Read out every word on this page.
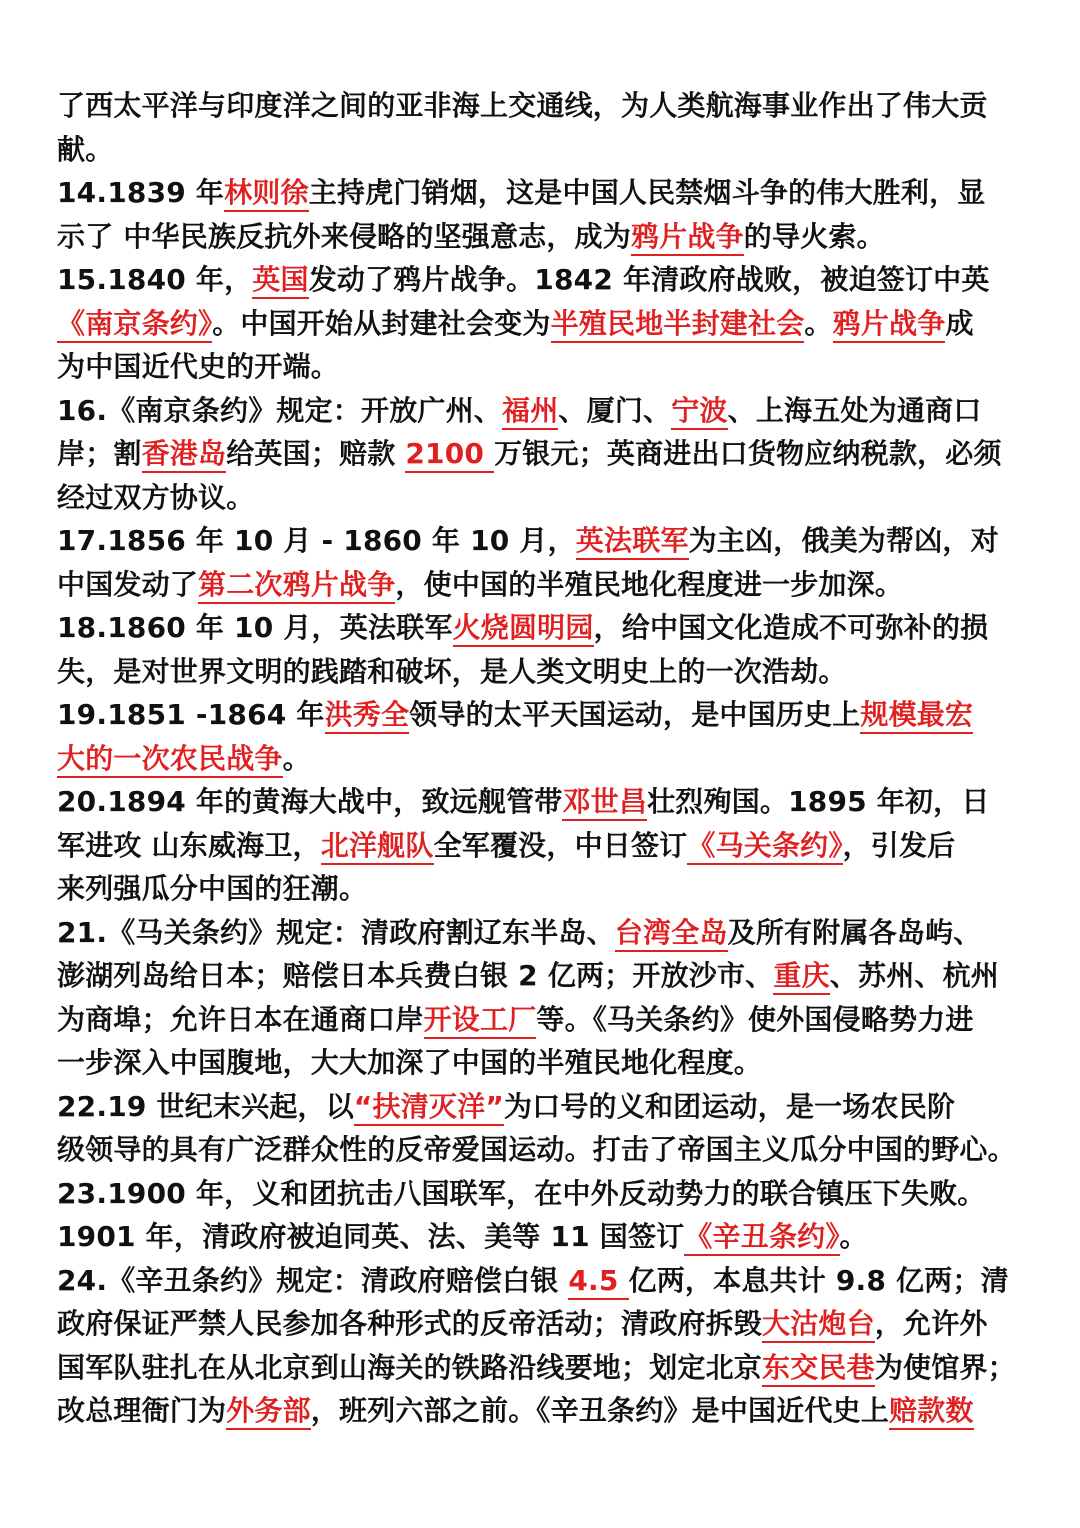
了西太平洋与印度洋之间的亚非海上交通线，为人类航海事业作出了伟大贡
献。
14.1839 年林则徐主持虎门销烟，这是中国人民禁烟斗争的伟大胜利，显
示了 中华民族反抗外来侵略的坚强意志，成为鸦片战争的导火索。
15.1840 年，英国发动了鸦片战争。1842 年清政府战败，被迫签订中英
《南京条约》。中国开始从封建社会变为半殖民地半封建社会。鸦片战争成
为中国近代史的开端。
16.《南京条约》规定：开放广州、福州、厦门、宁波、上海五处为通商口
岸；割香港岛给英国；赔款 2100 万银元；英商进出口货物应纳税款，必须
经过双方协议。
17.1856 年 10 月 - 1860 年 10 月，英法联军为主凶，俄美为帮凶，对
中国发动了第二次鸦片战争，使中国的半殖民地化程度进一步加深。
18.1860 年 10 月，英法联军火烧圆明园，给中国文化造成不可弥补的损
失，是对世界文明的践踏和破坏，是人类文明史上的一次浩劫。
19.1851 -1864 年洪秀全领导的太平天国运动，是中国历史上规模最宏
大的一次农民战争。
20.1894 年的黄海大战中，致远舰管带邓世昌壮烈殉国。1895 年初，日
军进攻 山东威海卫，北洋舰队全军覆没，中日签订《马关条约》，引发后
来列强瓜分中国的狂潮。
21.《马关条约》规定：清政府割辽东半岛、台湾全岛及所有附属各岛屿、
澎湖列岛给日本；赔偿日本兵费白银 2 亿两；开放沙市、重庆、苏州、杭州
为商埠；允许日本在通商口岸开设工厂等。《马关条约》使外国侵略势力进
一步深入中国腹地，大大加深了中国的半殖民地化程度。
22.19 世纪末兴起，以“扶清灭洋”为口号的义和团运动，是一场农民阶
级领导的具有广泛群众性的反帝爱国运动。打击了帝国主义瓜分中国的野心。
23.1900 年，义和团抗击八国联军，在中外反动势力的联合镇压下失败。
1901 年，清政府被迫同英、法、美等 11 国签订《辛丑条约》。
24.《辛丑条约》规定：清政府赔偿白银 4.5 亿两，本息共计 9.8 亿两；清
政府保证严禁人民参加各种形式的反帝活动；清政府拆毁大沽炮台，允许外
国军队驻扎在从北京到山海关的铁路沿线要地；划定北京东交民巷为使馆界；
改总理衙门为外务部，班列六部之前。《辛丑条约》是中国近代史上赔款数
